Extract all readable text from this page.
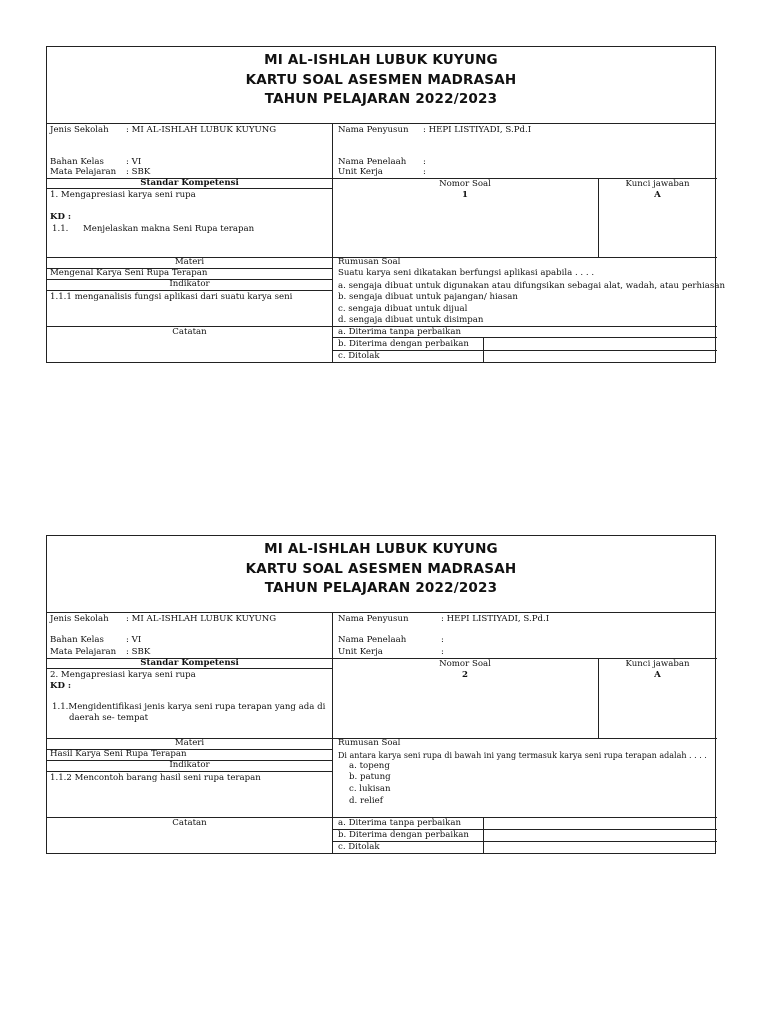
MI AL-ISHLAH LUBUK KUYUNG
KARTU SOAL ASESMEN MADRASAH
TAHUN PELAJARAN 2022/2023
Jenis Sekolah : MI AL-ISHLAH LUBUK KUYUNG
Bahan Kelas	: VI
Mata Pelajaran : SBK
Nama Penyusun : HEPI LISTIYADI, S.Pd.I
Nama Penelaah :
Unit Kerja	:
Standar Kompetensi
1. Mengapresiasi karya seni rupa
KD :
1.1. Menjelaskan makna Seni Rupa terapan
Nomor Soal
1
Kunci jawaban
A
Materi
Mengenal Karya Seni Rupa Terapan
Indikator
1.1.1 menganalisis fungsi aplikasi dari suatu karya seni
Rumusan Soal
Suatu karya seni dikatakan berfungsi aplikasi apabila . . . .
a. sengaja dibuat untuk digunakan atau difungsikan sebagai alat, wadah, atau perhiasan
b. sengaja dibuat untuk pajangan/ hiasan
c. sengaja dibuat untuk dijual
d. sengaja dibuat untuk disimpan
Catatan	a. Diterima tanpa perbaikan
b. Diterima dengan perbaikan
c. Ditolak
MI AL-ISHLAH LUBUK KUYUNG
KARTU SOAL ASESMEN MADRASAH
TAHUN PELAJARAN 2022/2023
Jenis Sekolah : MI AL-ISHLAH LUBUK KUYUNG
Bahan Kelas	: VI
Mata Pelajaran : SBK
Nama Penyusun	: HEPI LISTIYADI, S.Pd.I
Nama Penelaah	:
Unit Kerja	:
Standar Kompetensi
2. Mengapresiasi karya seni rupa
KD :
1.1.Mengidentifikasi jenis karya seni rupa terapan yang ada di
daerah se- tempat
Nomor Soal
2
Kunci jawaban
A
Materi
Hasil Karya Seni Rupa Terapan
Indikator
1.1.2 Mencontoh barang hasil seni rupa terapan
Rumusan Soal
Di antara karya seni rupa di bawah ini yang termasuk karya seni rupa terapan adalah . . . .
a. topeng
b. patung
c. lukisan
d. relief
Catatan	a. Diterima tanpa perbaikan
b. Diterima dengan perbaikan
c. Ditolak
